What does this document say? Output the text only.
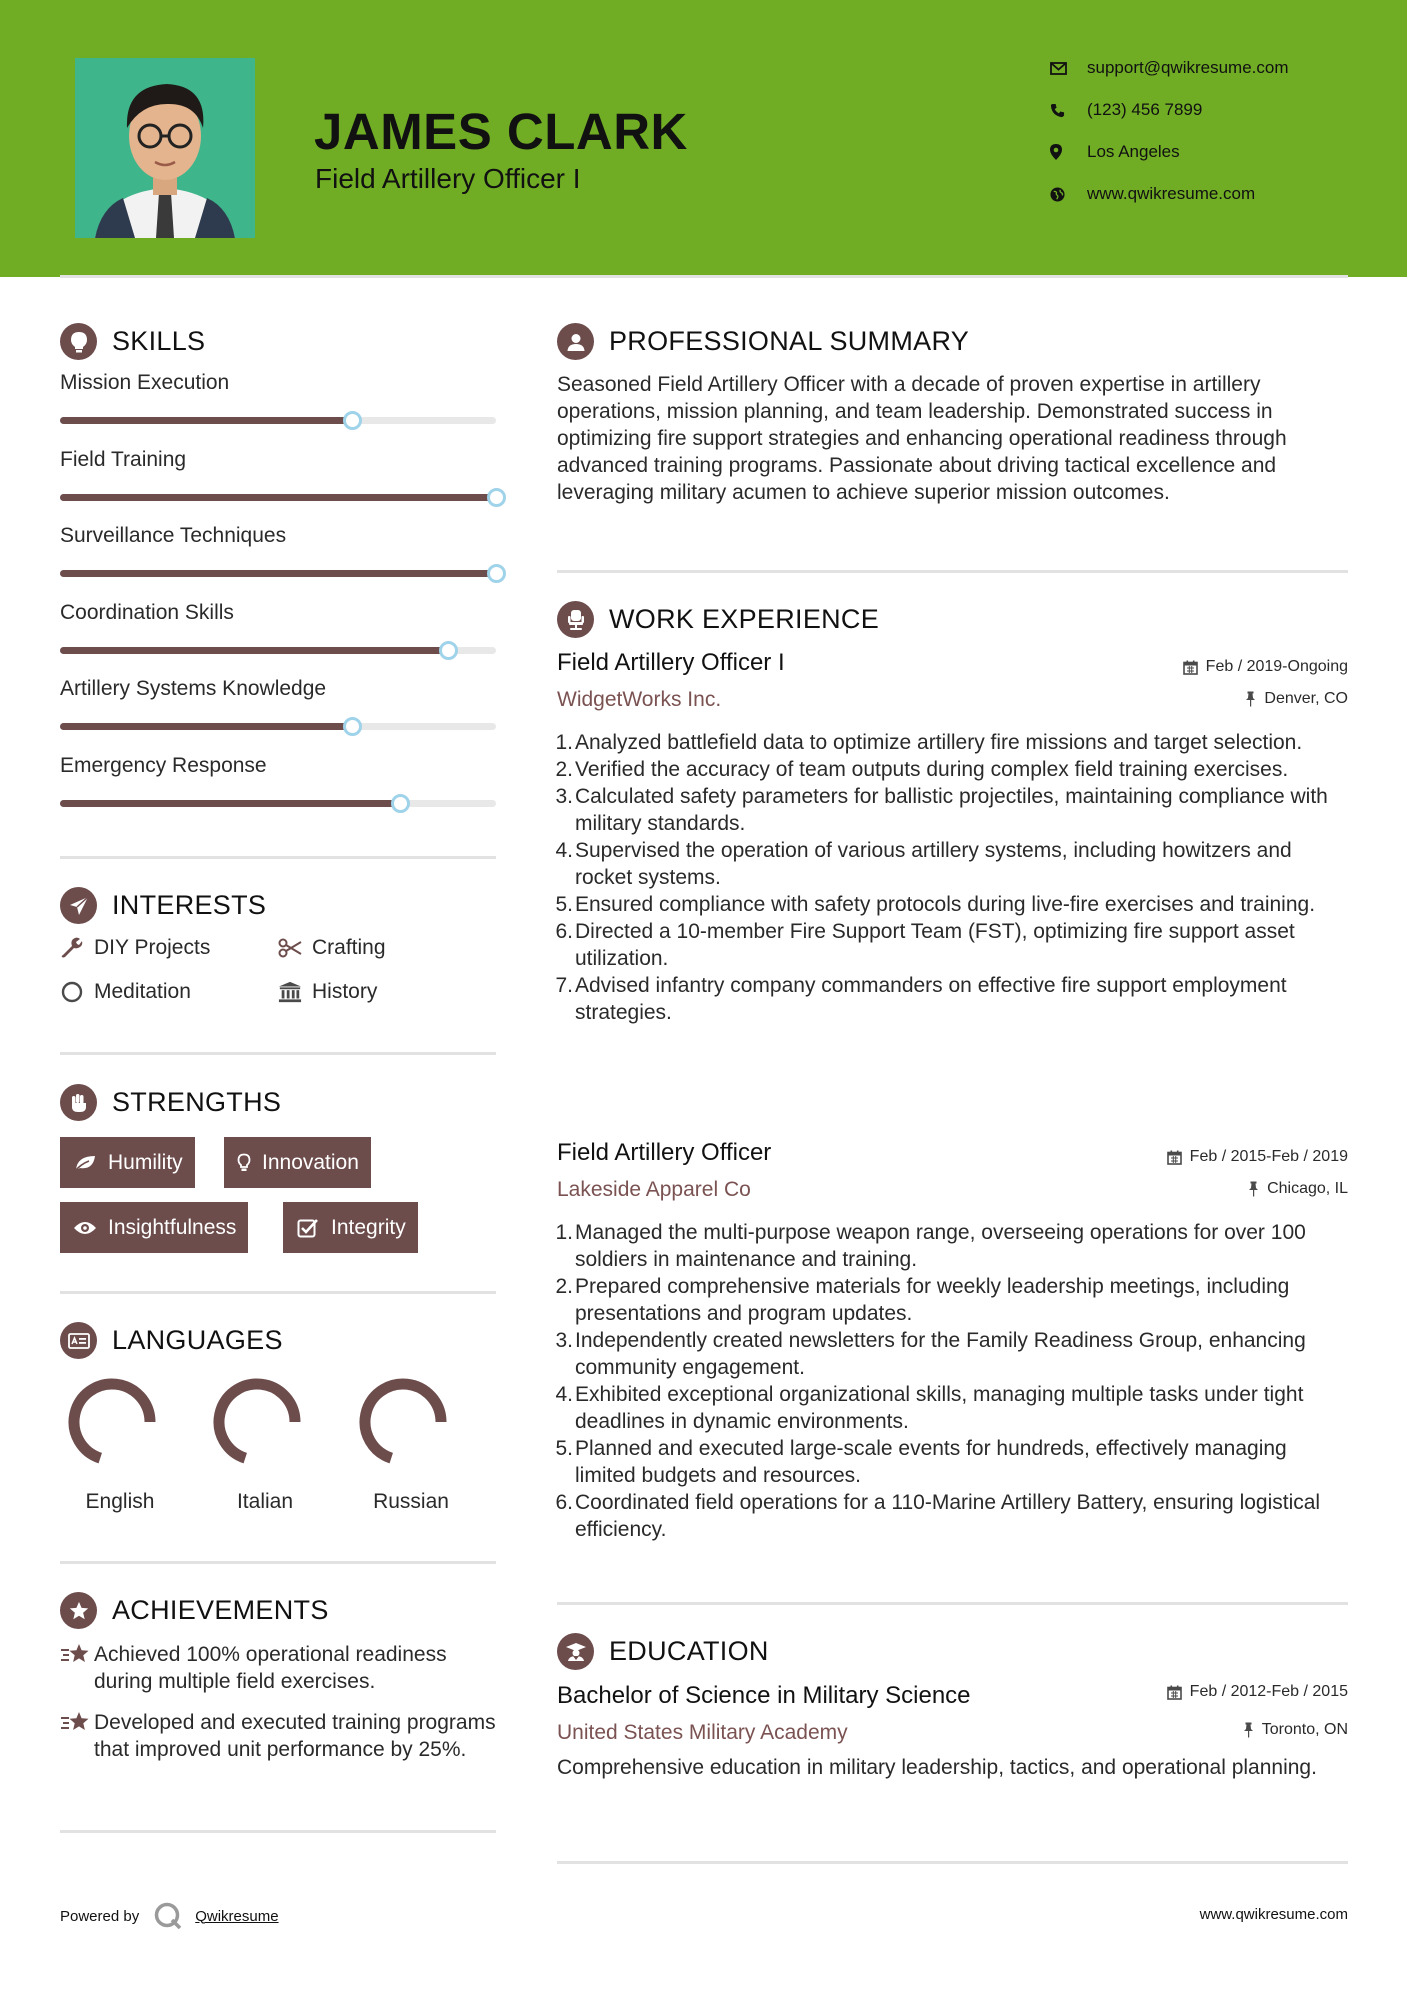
JAMES CLARK
Field Artillery Officer I
support@qwikresume.com
(123) 456 7899
Los Angeles
www.qwikresume.com
SKILLS
Mission Execution
Field Training
Surveillance Techniques
Coordination Skills
Artillery Systems Knowledge
Emergency Response
INTERESTS
DIY Projects	Crafting
Meditation	History
STRENGTHS
Humility	Innovation
Insightfulness	Integrity
LANGUAGES
English	Italian	Russian
ACHIEVEMENTS
Achieved 100% operational readiness during multiple field exercises.
Developed and executed training programs that improved unit performance by 25%.
PROFESSIONAL SUMMARY
Seasoned Field Artillery Officer with a decade of proven expertise in artillery operations, mission planning, and team leadership. Demonstrated success in optimizing fire support strategies and enhancing operational readiness through advanced training programs. Passionate about driving tactical excellence and leveraging military acumen to achieve superior mission outcomes.
WORK EXPERIENCE
Field Artillery Officer I	Feb / 2019-Ongoing
WidgetWorks Inc.	Denver, CO
1. Analyzed battlefield data to optimize artillery fire missions and target selection.
2. Verified the accuracy of team outputs during complex field training exercises.
3. Calculated safety parameters for ballistic projectiles, maintaining compliance with military standards.
4. Supervised the operation of various artillery systems, including howitzers and rocket systems.
5. Ensured compliance with safety protocols during live-fire exercises and training.
6. Directed a 10-member Fire Support Team (FST), optimizing fire support asset utilization.
7. Advised infantry company commanders on effective fire support employment strategies.
Field Artillery Officer	Feb / 2015-Feb / 2019
Lakeside Apparel Co	Chicago, IL
1. Managed the multi-purpose weapon range, overseeing operations for over 100 soldiers in maintenance and training.
2. Prepared comprehensive materials for weekly leadership meetings, including presentations and program updates.
3. Independently created newsletters for the Family Readiness Group, enhancing community engagement.
4. Exhibited exceptional organizational skills, managing multiple tasks under tight deadlines in dynamic environments.
5. Planned and executed large-scale events for hundreds, effectively managing limited budgets and resources.
6. Coordinated field operations for a 110-Marine Artillery Battery, ensuring logistical efficiency.
EDUCATION
Bachelor of Science in Military Science	Feb / 2012-Feb / 2015
United States Military Academy	Toronto, ON
Comprehensive education in military leadership, tactics, and operational planning.
Powered by	Qwikresume	www.qwikresume.com
